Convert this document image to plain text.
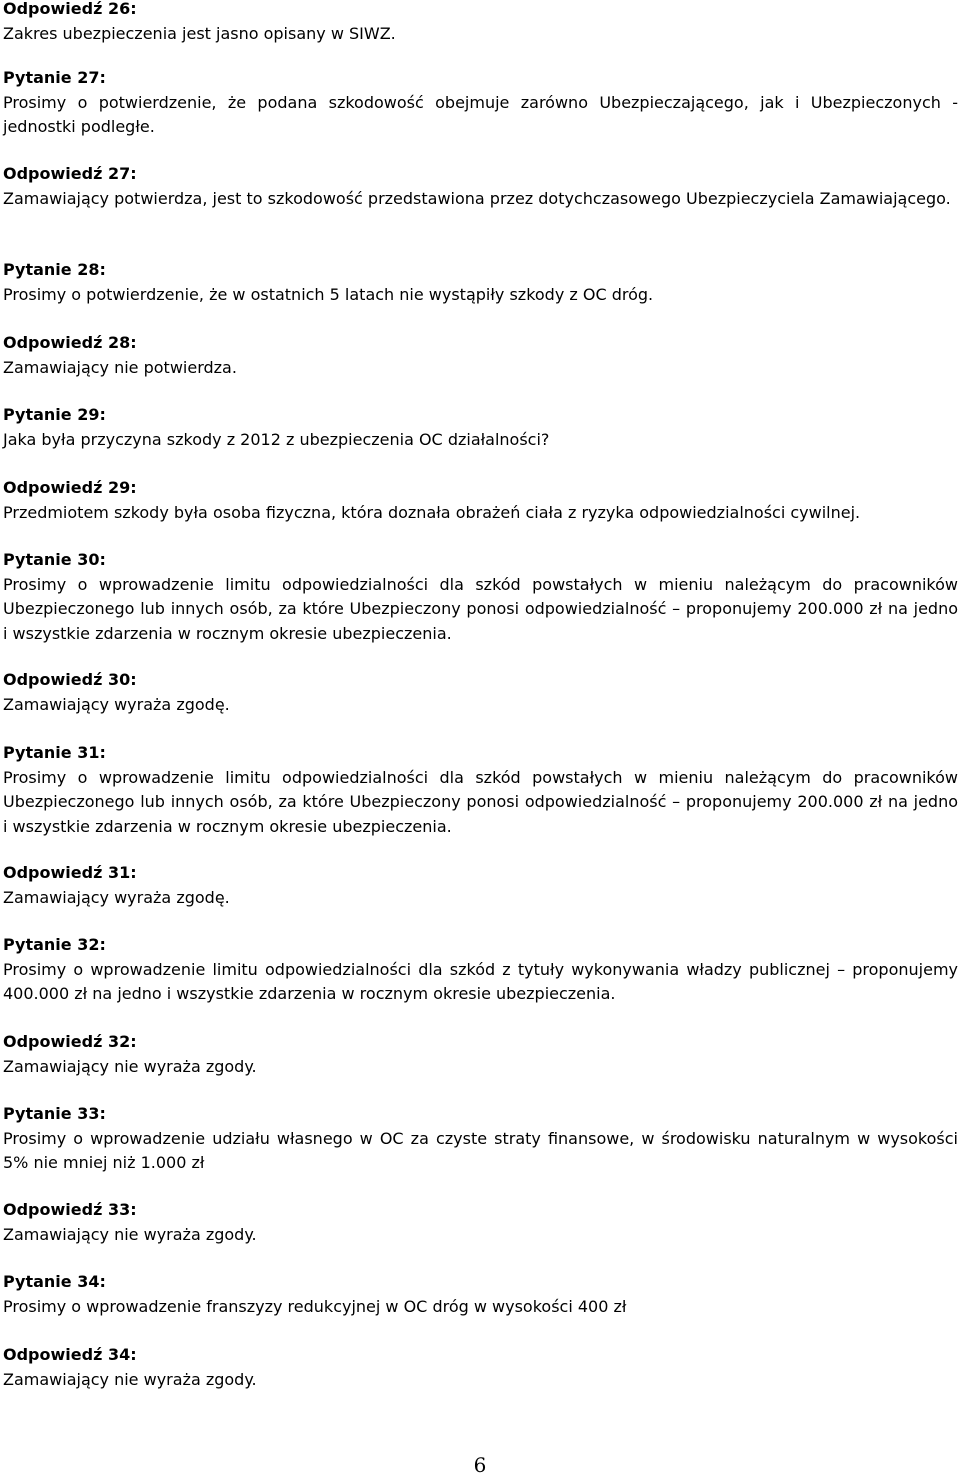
Odpowiedź 26:
Zakres ubezpieczenia jest jasno opisany w SIWZ.
Pytanie 27:
Prosimy o potwierdzenie, że podana szkodowość obejmuje zarówno Ubezpieczającego, jak i Ubezpieczonych - jednostki podległe.
Odpowiedź 27:
Zamawiający potwierdza, jest to szkodowość przedstawiona przez dotychczasowego Ubezpieczyciela Zamawiającego.
Pytanie 28:
Prosimy o potwierdzenie, że w ostatnich 5 latach nie wystąpiły szkody z OC dróg.
Odpowiedź 28:
Zamawiający nie potwierdza.
Pytanie 29:
Jaka była przyczyna szkody z 2012 z ubezpieczenia OC działalności?
Odpowiedź 29:
Przedmiotem szkody była osoba fizyczna, która doznała obrażeń ciała z ryzyka odpowiedzialności cywilnej.
Pytanie 30:
Prosimy o wprowadzenie limitu odpowiedzialności dla szkód powstałych w mieniu należącym do pracowników Ubezpieczonego lub innych osób, za które Ubezpieczony ponosi odpowiedzialność – proponujemy 200.000 zł na jedno i wszystkie zdarzenia w rocznym okresie ubezpieczenia.
Odpowiedź 30:
Zamawiający wyraża zgodę.
Pytanie 31:
Prosimy o wprowadzenie limitu odpowiedzialności dla szkód powstałych w mieniu należącym do pracowników Ubezpieczonego lub innych osób, za które Ubezpieczony ponosi odpowiedzialność – proponujemy 200.000 zł na jedno i wszystkie zdarzenia w rocznym okresie ubezpieczenia.
Odpowiedź 31:
Zamawiający wyraża zgodę.
Pytanie 32:
Prosimy o wprowadzenie limitu odpowiedzialności dla szkód z tytuły wykonywania władzy publicznej – proponujemy 400.000 zł na jedno i wszystkie zdarzenia w rocznym okresie ubezpieczenia.
Odpowiedź 32:
Zamawiający nie wyraża zgody.
Pytanie 33:
Prosimy o wprowadzenie udziału własnego w OC za czyste straty finansowe, w środowisku naturalnym w wysokości 5% nie mniej niż 1.000 zł
Odpowiedź 33:
Zamawiający nie wyraża zgody.
Pytanie 34:
Prosimy o wprowadzenie franszyzy redukcyjnej w OC dróg w wysokości 400 zł
Odpowiedź 34:
Zamawiający nie wyraża zgody.
6
